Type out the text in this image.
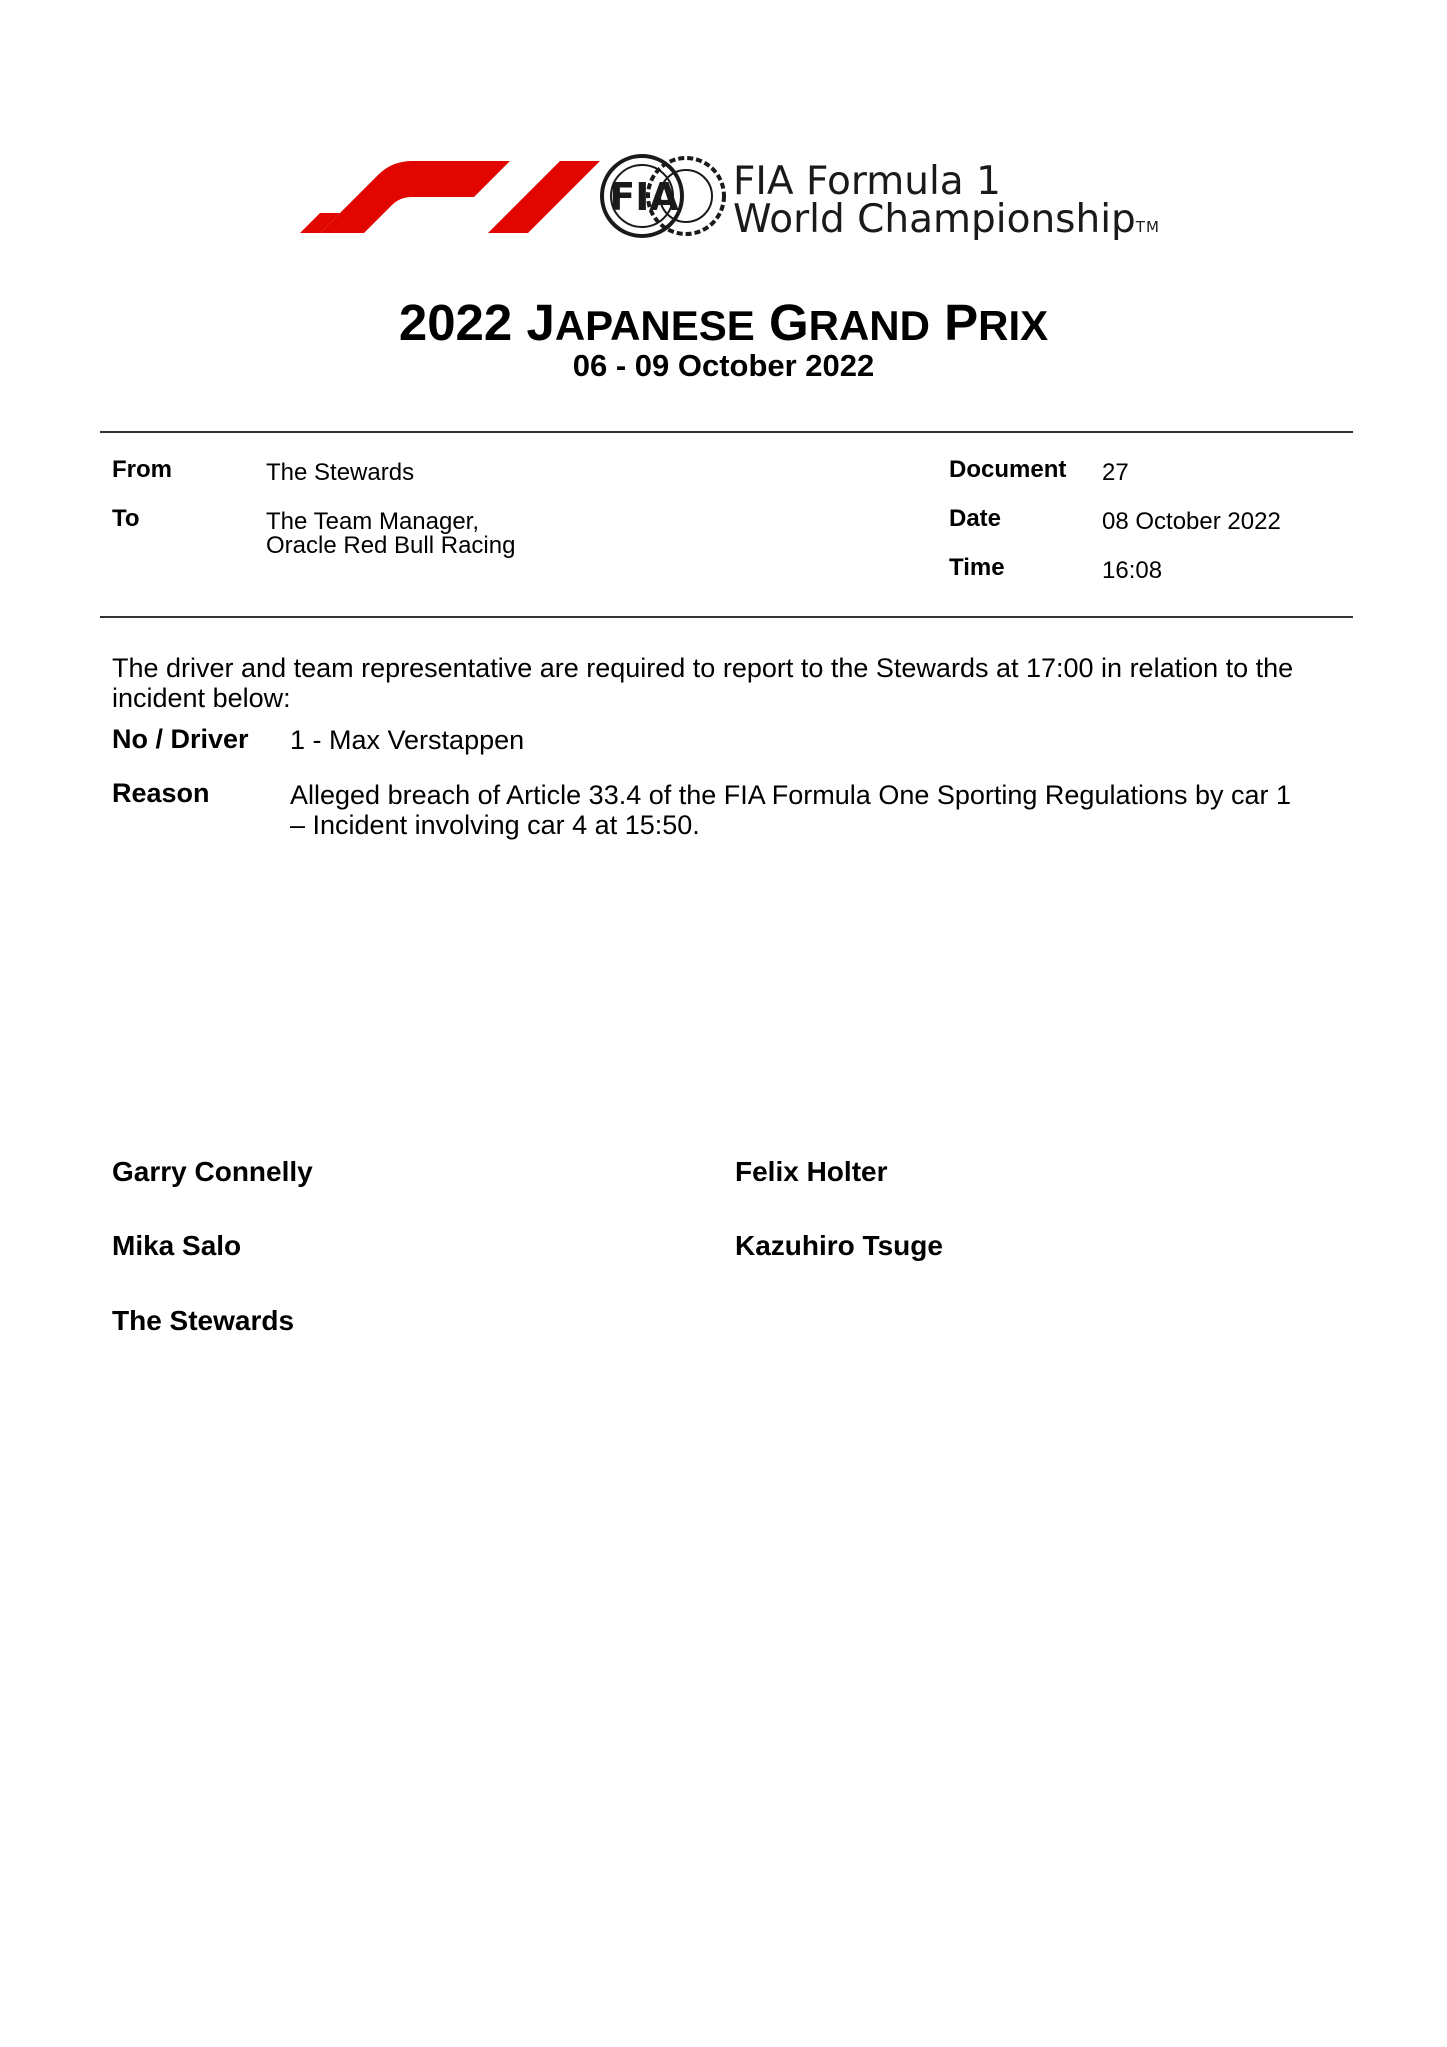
FIA FIA Formula 1
World ChampionshipTM
2022 JAPANESE GRAND PRIX
06 - 09 October 2022
From	The Stewards
To	The Team Manager,
Oracle Red Bull Racing
Document 27
Date	08 October 2022
Time	16:08
The driver and team representative are required to report to the Stewards at 17:00 in relation to the
incident below:
No / Driver 1 - Max Verstappen
Reason	Alleged breach of Article 33.4 of the FIA Formula One Sporting Regulations by car 1
– Incident involving car 4 at 15:50.
Garry Connelly	Felix Holter
Mika Salo	Kazuhiro Tsuge
The Stewards
